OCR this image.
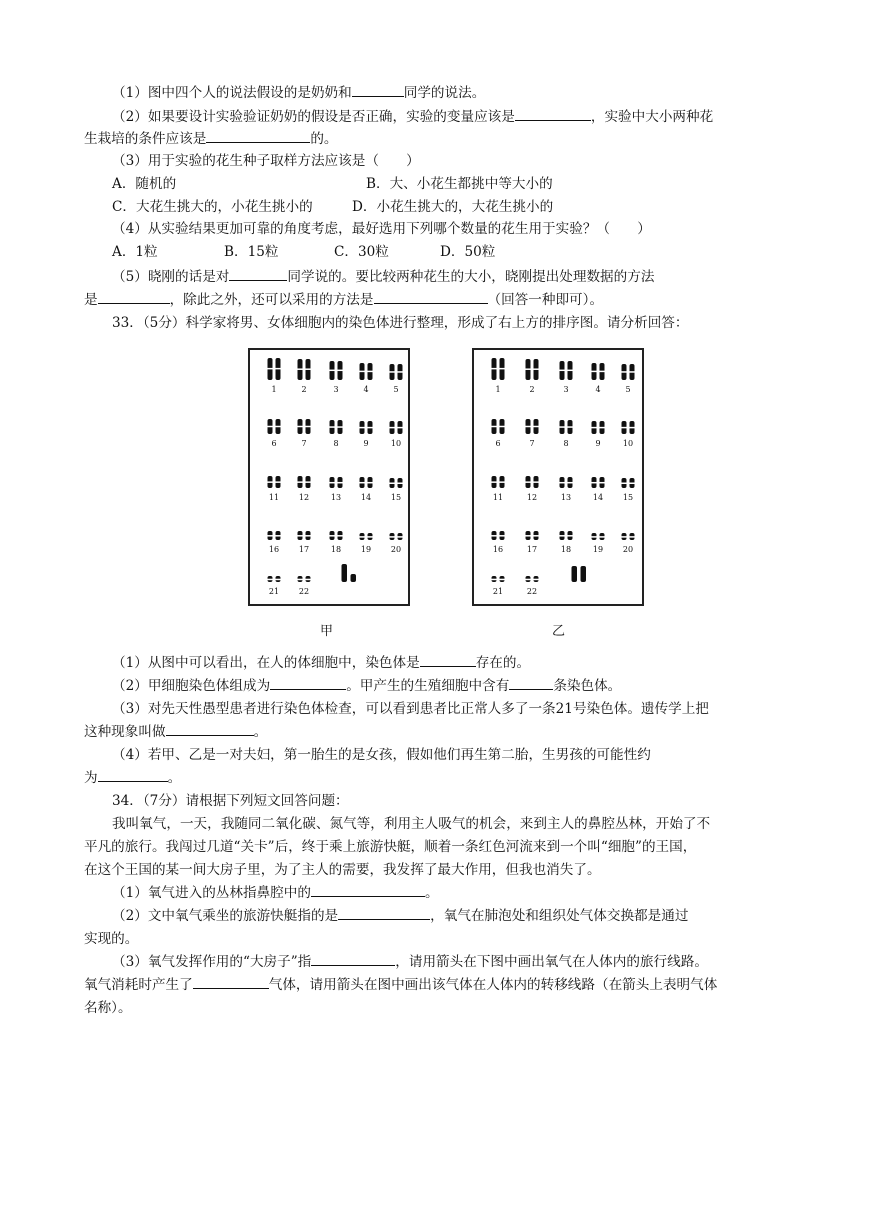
（1）图中四个人的说法假设的是奶奶和	同学的说法。
（2）如果要设计实验验证奶奶的假设是否正确，实验的变量应该是	，实验中大小两种花
生栽培的条件应该是	的。
（3）用于实验的花生种子取样方法应该是（　　）
A．随机的	B．大、小花生都挑中等大小的
C．大花生挑大的，小花生挑小的	D．小花生挑大的，大花生挑小的
（4）从实验结果更加可靠的角度考虑，最好选用下列哪个数量的花生用于实验？（　　）
A．1粒	B．15粒	C．30粒	D．50粒
（5）晓刚的话是对	同学说的。要比较两种花生的大小，晓刚提出处理数据的方法
是	，除此之外，还可以采用的方法是	（回答一种即可）。
33．（5分）科学家将男、女体细胞内的染色体进行整理，形成了右上方的排序图。请分析回答：
1	2	3	4	5
6	7	8	9	10
11 12	13 14 15
16 17	18 19 20
21 22
1	2	3	4	5
6	7	8	9	10
11	12	13	14 15
16	17	18	19 20
21	22
甲	乙
（1）从图中可以看出，在人的体细胞中，染色体是	存在的。
（2）甲细胞染色体组成为	。甲产生的生殖细胞中含有	条染色体。
（3）对先天性愚型患者进行染色体检查，可以看到患者比正常人多了一条21号染色体。遗传学上把
这种现象叫做	。
（4）若甲、乙是一对夫妇，第一胎生的是女孩，假如他们再生第二胎，生男孩的可能性约
为	。
34．（7分）请根据下列短文回答问题：
我叫氧气，一天，我随同二氧化碳、氮气等，利用主人吸气的机会，来到主人的鼻腔丛林，开始了不
平凡的旅行。我闯过几道“关卡”后，终于乘上旅游快艇，顺着一条红色河流来到一个叫“细胞”的王国，
在这个王国的某一间大房子里，为了主人的需要，我发挥了最大作用，但我也消失了。
（1）氧气进入的丛林指鼻腔中的	。
（2）文中氧气乘坐的旅游快艇指的是	，氧气在肺泡处和组织处气体交换都是通过
实现的。
（3）氧气发挥作用的“大房子”指	，请用箭头在下图中画出氧气在人体内的旅行线路。
氧气消耗时产生了	气体，请用箭头在图中画出该气体在人体内的转移线路（在箭头上表明气体
名称）。
